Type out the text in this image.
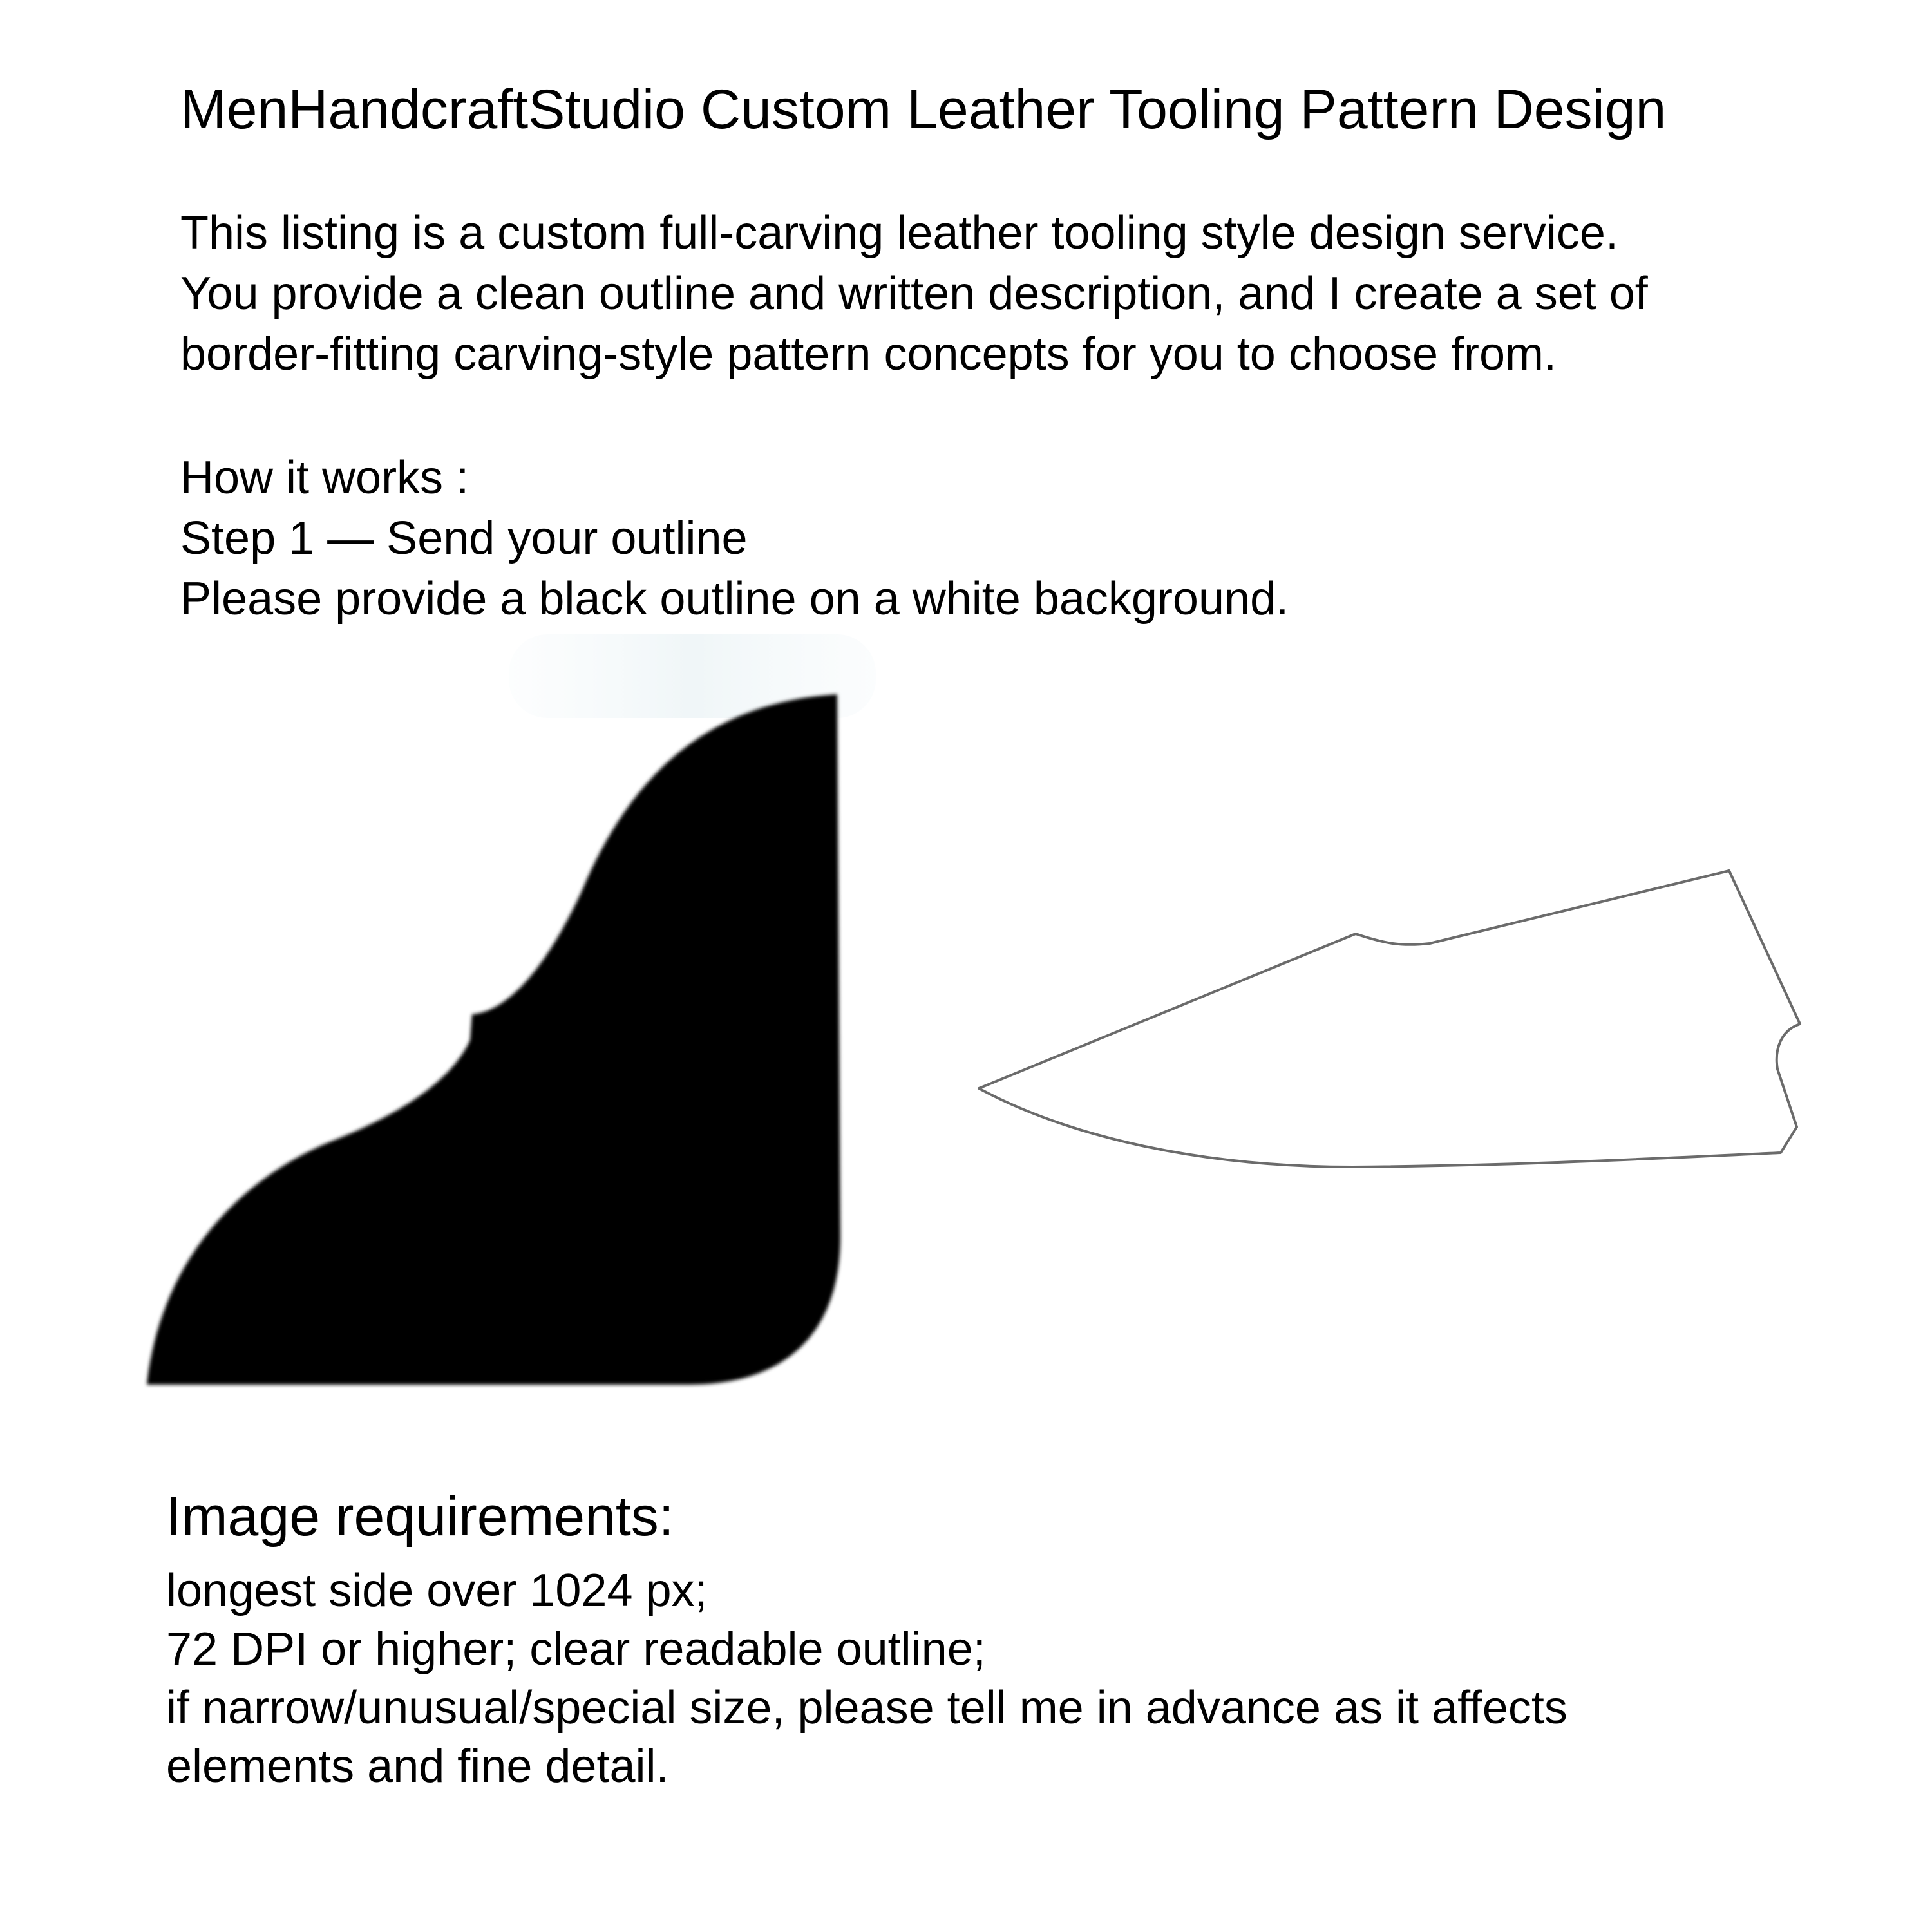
MenHandcraftStudio Custom Leather Tooling Pattern Design
This listing is a custom full-carving leather tooling style design service.
You provide a clean outline and written description, and I create a set of
border-fitting carving-style pattern concepts for you to choose from.
How it works :
Step 1 — Send your outline
Please provide a black outline on a white background.
Image requirements:
longest side over 1024 px;
72 DPI or higher; clear readable outline;
if narrow/unusual/special size, please tell me in advance as it affects
elements and fine detail.
